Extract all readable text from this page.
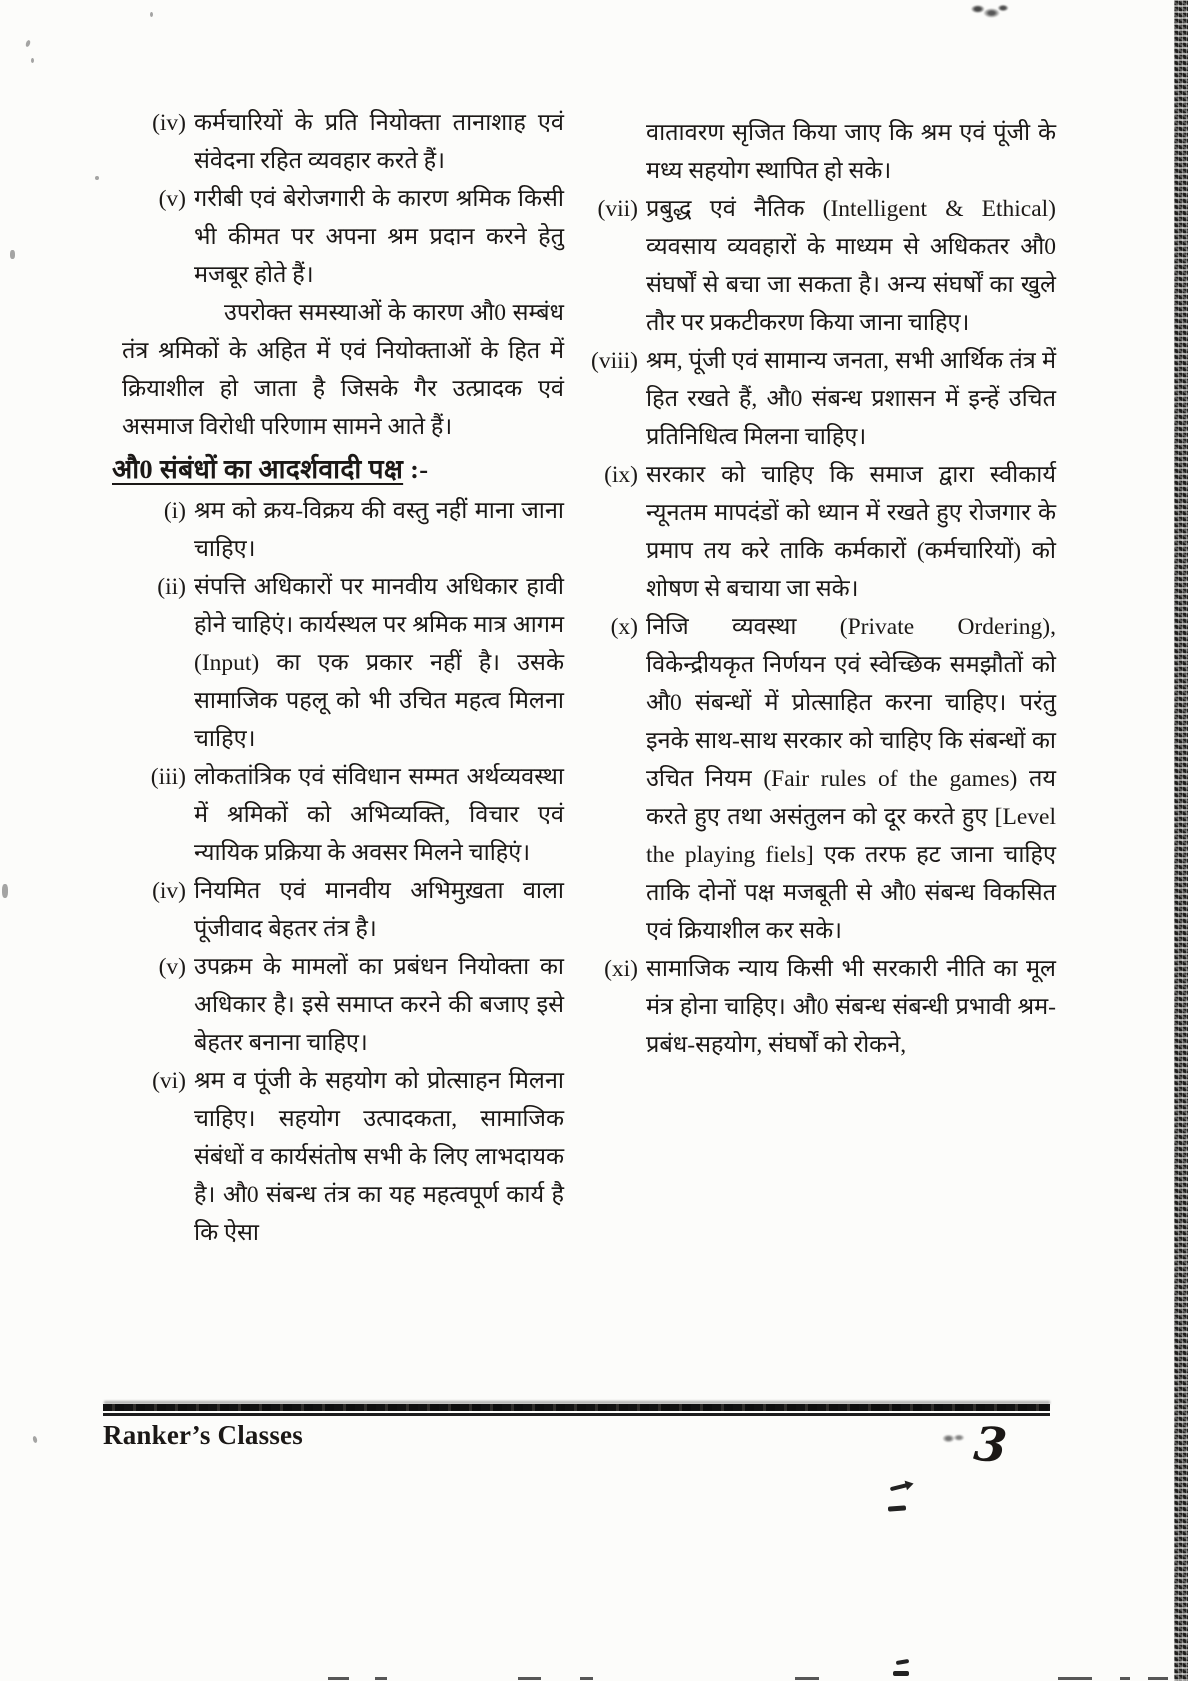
(iv) कर्मचारियों के प्रति नियोक्ता तानाशाह एवं संवेदना रहित व्यवहार करते हैं।
(v) गरीबी एवं बेरोजगारी के कारण श्रमिक किसी भी कीमत पर अपना श्रम प्रदान करने हेतु मजबूर होते हैं।
उपरोक्त समस्याओं के कारण औ0 सम्बंध तंत्र श्रमिकों के अहित में एवं नियोक्ताओं के हित में क्रियाशील हो जाता है जिसके गैर उत्प्रादक एवं असमाज विरोधी परिणाम सामने आते हैं।
औ0 संबंधों का आदर्शवादी पक्ष :-
(i) श्रम को क्रय-विक्रय की वस्तु नहीं माना जाना चाहिए।
(ii) संपत्ति अधिकारों पर मानवीय अधिकार हावी होने चाहिएं। कार्यस्थल पर श्रमिक मात्र आगम (Input) का एक प्रकार नहीं है। उसके सामाजिक पहलू को भी उचित महत्व मिलना चाहिए।
(iii) लोकतांत्रिक एवं संविधान सम्मत अर्थव्यवस्था में श्रमिकों को अभिव्यक्ति, विचार एवं न्यायिक प्रक्रिया के अवसर मिलने चाहिएं।
(iv) नियमित एवं मानवीय अभिमुख़ता वाला पूंजीवाद बेहतर तंत्र है।
(v) उपक्रम के मामलों का प्रबंधन नियोक्ता का अधिकार है। इसे समाप्त करने की बजाए इसे बेहतर बनाना चाहिए।
(vi) श्रम व पूंजी के सहयोग को प्रोत्साहन मिलना चाहिए। सहयोग उत्पादकता, सामाजिक संबंधों व कार्यसंतोष सभी के लिए लाभदायक है। औ0 संबन्ध तंत्र का यह महत्वपूर्ण कार्य है कि ऐसा
वातावरण सृजित किया जाए कि श्रम एवं पूंजी के मध्य सहयोग स्थापित हो सके।
(vii) प्रबुद्ध एवं नैतिक (Intelligent & Ethical) व्यवसाय व्यवहारों के माध्यम से अधिकतर औ0 संघर्षों से बचा जा सकता है। अन्य संघर्षों का खुले तौर पर प्रकटीकरण किया जाना चाहिए।
(viii) श्रम, पूंजी एवं सामान्य जनता, सभी आर्थिक तंत्र में हित रखते हैं, औ0 संबन्ध प्रशासन में इन्हें उचित प्रतिनिधित्व मिलना चाहिए।
(ix) सरकार को चाहिए कि समाज द्वारा स्वीकार्य न्यूनतम मापदंडों को ध्यान में रखते हुए रोजगार के प्रमाप तय करे ताकि कर्मकारों (कर्मचारियों) को शोषण से बचाया जा सके।
(x) निजि व्यवस्था (Private Ordering), विकेन्द्रीयकृत निर्णयन एवं स्वेच्छिक समझौतों को औ0 संबन्धों में प्रोत्साहित करना चाहिए। परंतु इनके साथ-साथ सरकार को चाहिए कि संबन्धों का उचित नियम (Fair rules of the games) तय करते हुए तथा असंतुलन को दूर करते हुए [Level the playing fiels] एक तरफ हट जाना चाहिए ताकि दोनों पक्ष मजबूती से औ0 संबन्ध विकसित एवं क्रियाशील कर सके।
(xi) सामाजिक न्याय किसी भी सरकारी नीति का मूल मंत्र होना चाहिए। औ0 संबन्ध संबन्धी प्रभावी श्रम-प्रबंध-सहयोग, संघर्षों को रोकने,
Ranker’s Classes	3
